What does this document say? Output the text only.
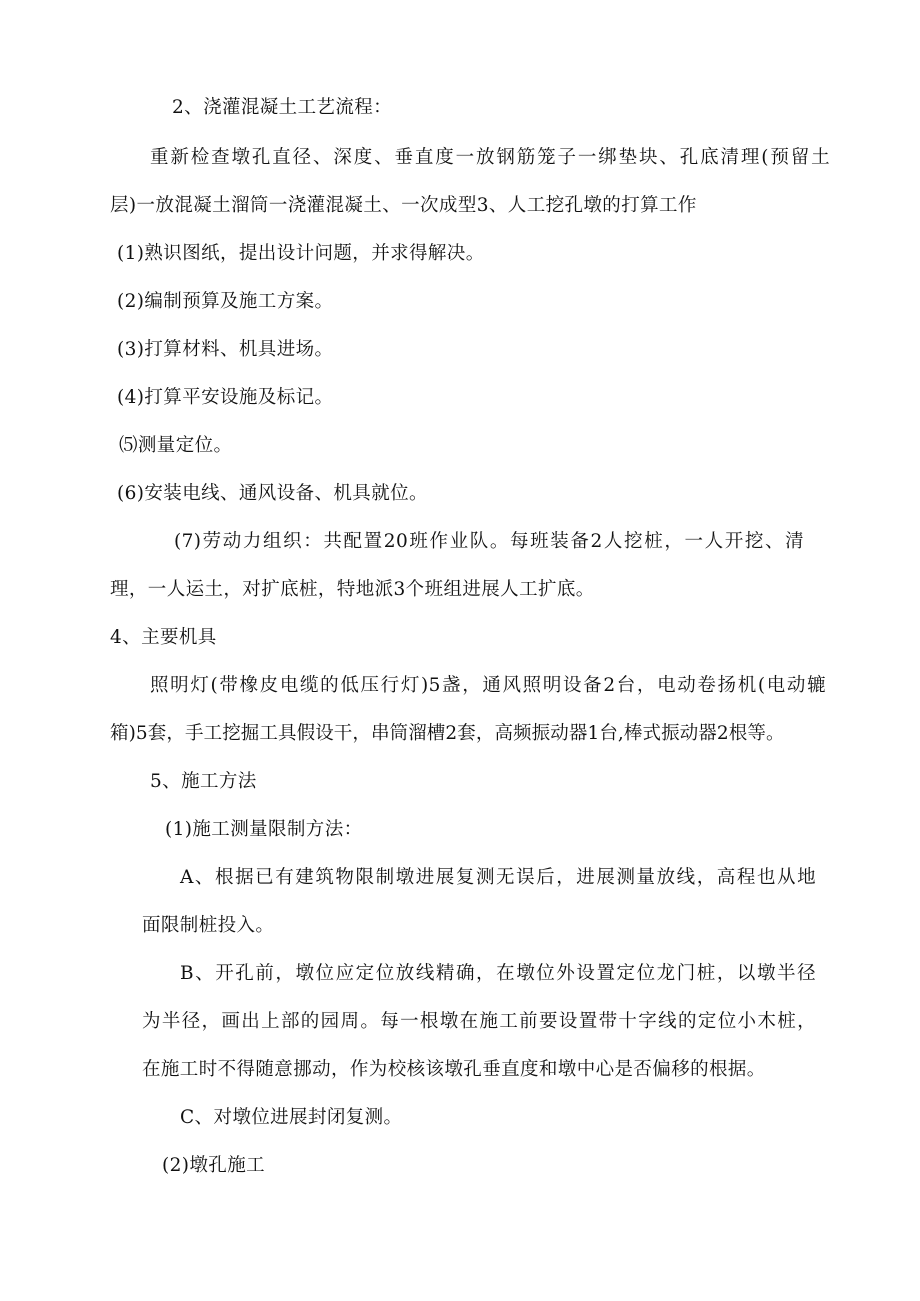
2、浇灌混凝土工艺流程：

重新检查墩孔直径、深度、垂直度一放钢筋笼子一绑垫块、孔底清理(预留土

层)一放混凝土溜筒一浇灌混凝土、一次成型3、人工挖孔墩的打算工作

(1)熟识图纸，提出设计问题，并求得解决。

(2)编制预算及施工方案。

(3)打算材料、机具进场。

(4)打算平安设施及标记。

⑸测量定位。

(6)安装电线、通风设备、机具就位。

(7)劳动力组织：共配置20班作业队。每班装备2人挖桩，一人开挖、清

理，一人运土，对扩底桩，特地派3个班组进展人工扩底。

4、主要机具

照明灯(带橡皮电缆的低压行灯)5盏，通风照明设备2台，电动卷扬机(电动辘

箱)5套，手工挖掘工具假设干，串筒溜槽2套，高频振动器1台,棒式振动器2根等。

5、施工方法

(1)施工测量限制方法：

A、根据已有建筑物限制墩进展复测无误后，进展测量放线，高程也从地

面限制桩投入。

B、开孔前，墩位应定位放线精确，在墩位外设置定位龙门桩，以墩半径

为半径，画出上部的园周。每一根墩在施工前要设置带十字线的定位小木桩，

在施工时不得随意挪动，作为校核该墩孔垂直度和墩中心是否偏移的根据。

C、对墩位进展封闭复测。

(2)墩孔施工
